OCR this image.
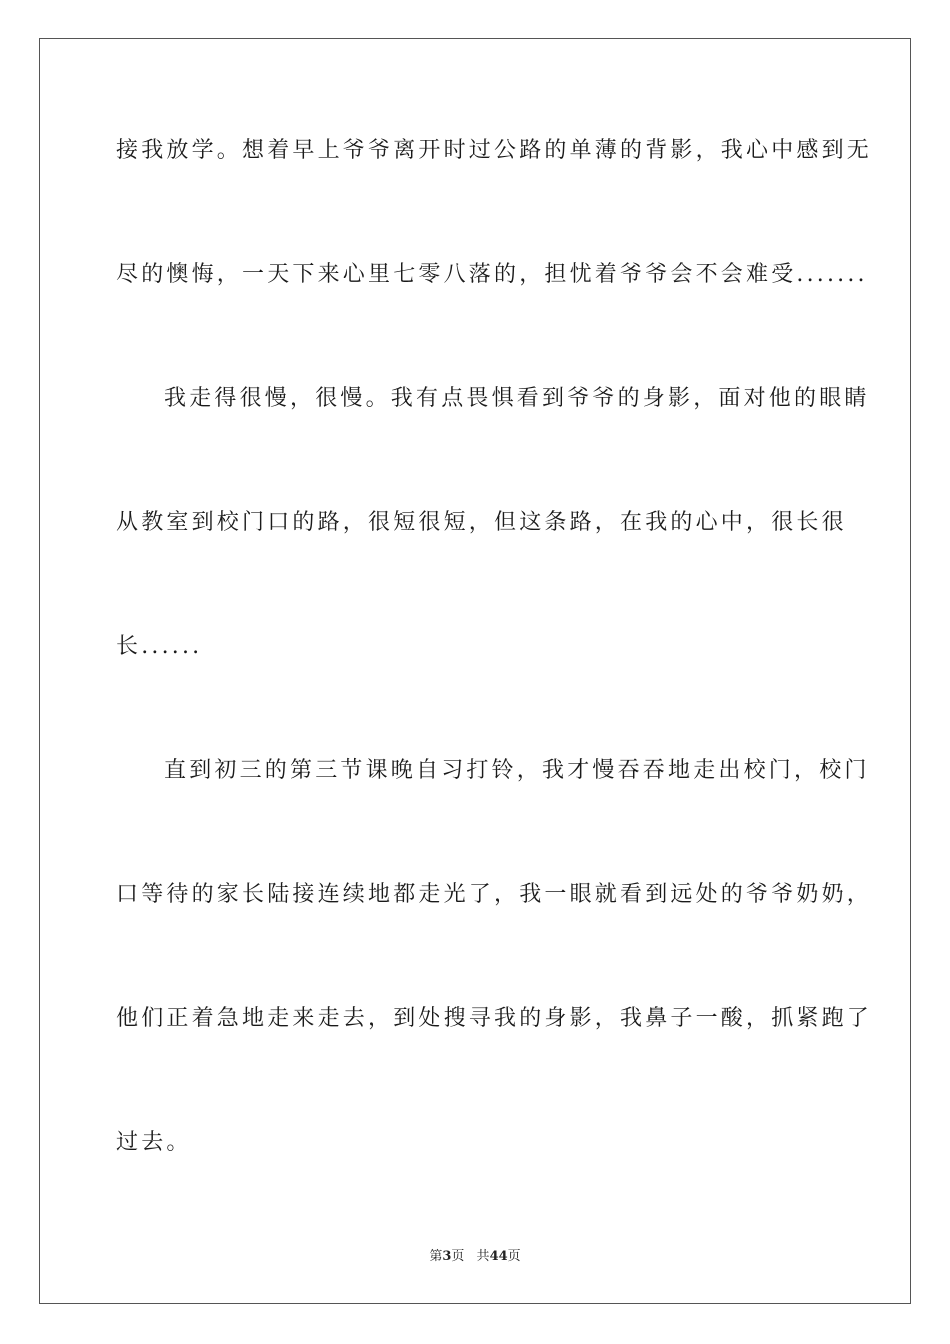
接我放学。想着早上爷爷离开时过公路的单薄的背影，我心中感到无
尽的懊悔，一天下来心里七零八落的，担忧着爷爷会不会难受.......
我走得很慢，很慢。我有点畏惧看到爷爷的身影，面对他的眼睛
从教室到校门口的路，很短很短，但这条路，在我的心中，很长很
长......
直到初三的第三节课晚自习打铃，我才慢吞吞地走出校门，校门
口等待的家长陆接连续地都走光了，我一眼就看到远处的爷爷奶奶，
他们正着急地走来走去，到处搜寻我的身影，我鼻子一酸，抓紧跑了
过去。
第3页 共44页
